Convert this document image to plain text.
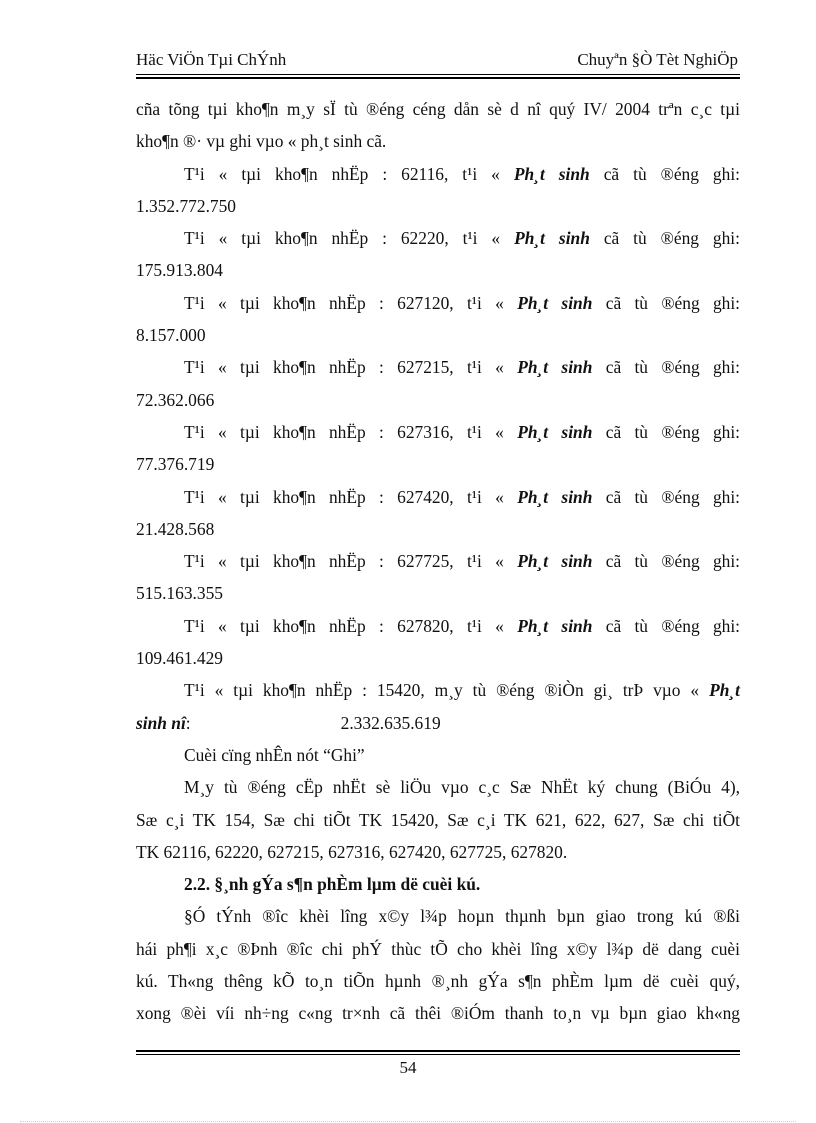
Häc ViÖn Tµi ChÝnh	Chuyªn §Ò Tèt NghiÖp

cña tõng tµi kho¶n m¸y sÏ tù ®éng céng dån sè d nî quý IV/ 2004 trªn c¸c tµi

kho¶n ®· vµ ghi vµo « ph¸t sinh cã.

T¹i « tµi kho¶n nhËp : 62116, t¹i « Ph¸t sinh cã tù ®éng ghi:

1.352.772.750

T¹i « tµi kho¶n nhËp : 62220, t¹i « Ph¸t sinh cã tù ®éng ghi:

175.913.804

T¹i « tµi kho¶n nhËp : 627120, t¹i « Ph¸t sinh cã tù ®éng ghi:

8.157.000

T¹i « tµi kho¶n nhËp : 627215, t¹i « Ph¸t sinh cã tù ®éng ghi:

72.362.066

T¹i « tµi kho¶n nhËp : 627316, t¹i « Ph¸t sinh cã tù ®éng ghi:

77.376.719

T¹i « tµi kho¶n nhËp : 627420, t¹i « Ph¸t sinh cã tù ®éng ghi:

21.428.568

T¹i « tµi kho¶n nhËp : 627725, t¹i « Ph¸t sinh cã tù ®éng ghi:

515.163.355

T¹i « tµi kho¶n nhËp : 627820, t¹i « Ph¸t sinh cã tù ®éng ghi:

109.461.429

T¹i « tµi kho¶n nhËp : 15420, m¸y tù ®éng ®iÒn gi¸ trÞ vµo « Ph¸t

sinh nî:	2.332.635.619

Cuèi cïng nhÊn nót “Ghi”

M¸y tù ®éng cËp nhËt sè liÖu vµo c¸c Sæ NhËt ký chung (BiÓu 4),

Sæ c¸i TK 154, Sæ chi tiÕt TK 15420, Sæ c¸i TK 621, 622, 627, Sæ chi tiÕt

TK 62116, 62220, 627215, 627316, 627420, 627725, 627820.

2.2. §¸nh gÝa s¶n phÈm lµm dë cuèi kú.

§Ó tÝnh ®îc khèi lîng x©y l¾p hoµn thµnh bµn giao trong kú ®ßi

hái ph¶i x¸c ®Þnh ®îc chi phÝ thùc tÕ cho khèi lîng x©y l¾p dë dang cuèi

kú. Th«ng thêng kÕ to¸n tiÕn hµnh ®¸nh gÝa s¶n phÈm lµm dë cuèi quý,

xong ®èi víi nh÷ng c«ng tr×nh cã thêi ®iÓm thanh to¸n vµ bµn giao kh«ng

54
